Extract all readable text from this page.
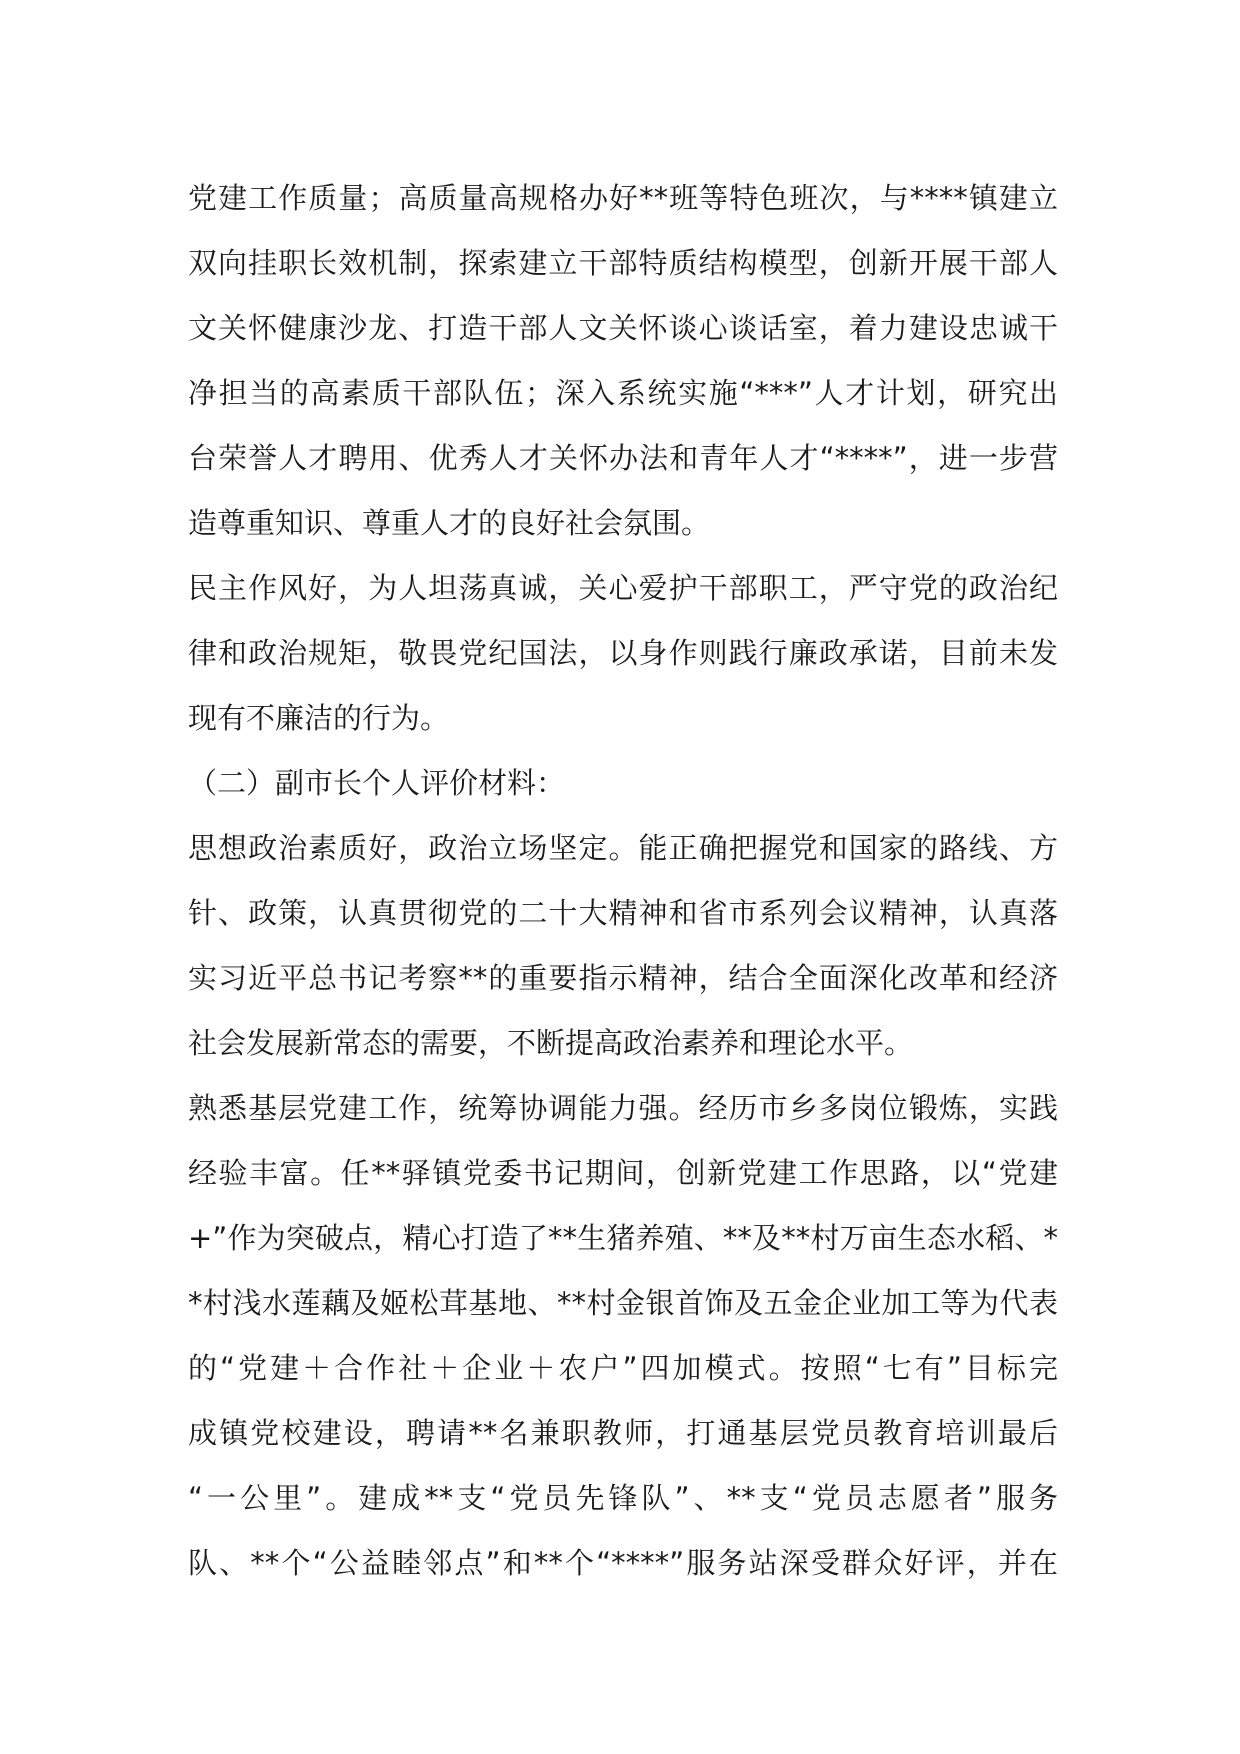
党建工作质量；高质量高规格办好**班等特色班次，与****镇建立
双向挂职长效机制，探索建立干部特质结构模型，创新开展干部人
文关怀健康沙龙、打造干部人文关怀谈心谈话室，着力建设忠诚干
净担当的高素质干部队伍；深入系统实施“***”人才计划，研究出
台荣誉人才聘用、优秀人才关怀办法和青年人才“****”，进一步营
造尊重知识、尊重人才的良好社会氛围。
民主作风好，为人坦荡真诚，关心爱护干部职工，严守党的政治纪
律和政治规矩，敬畏党纪国法，以身作则践行廉政承诺，目前未发
现有不廉洁的行为。
（二）副市长个人评价材料：
思想政治素质好，政治立场坚定。能正确把握党和国家的路线、方
针、政策，认真贯彻党的二十大精神和省市系列会议精神，认真落
实习近平总书记考察**的重要指示精神，结合全面深化改革和经济
社会发展新常态的需要，不断提高政治素养和理论水平。
熟悉基层党建工作，统筹协调能力强。经历市乡多岗位锻炼，实践
经验丰富。任**驿镇党委书记期间，创新党建工作思路，以“党建
+”作为突破点，精心打造了**生猪养殖、**及**村万亩生态水稻、*
*村浅水莲藕及姬松茸基地、**村金银首饰及五金企业加工等为代表
的“党建＋合作社＋企业＋农户”四加模式。按照“七有”目标完
成镇党校建设，聘请**名兼职教师，打通基层党员教育培训最后
“一公里”。建成**支“党员先锋队”、**支“党员志愿者”服务
队、**个“公益睦邻点”和**个“****”服务站深受群众好评，并在
